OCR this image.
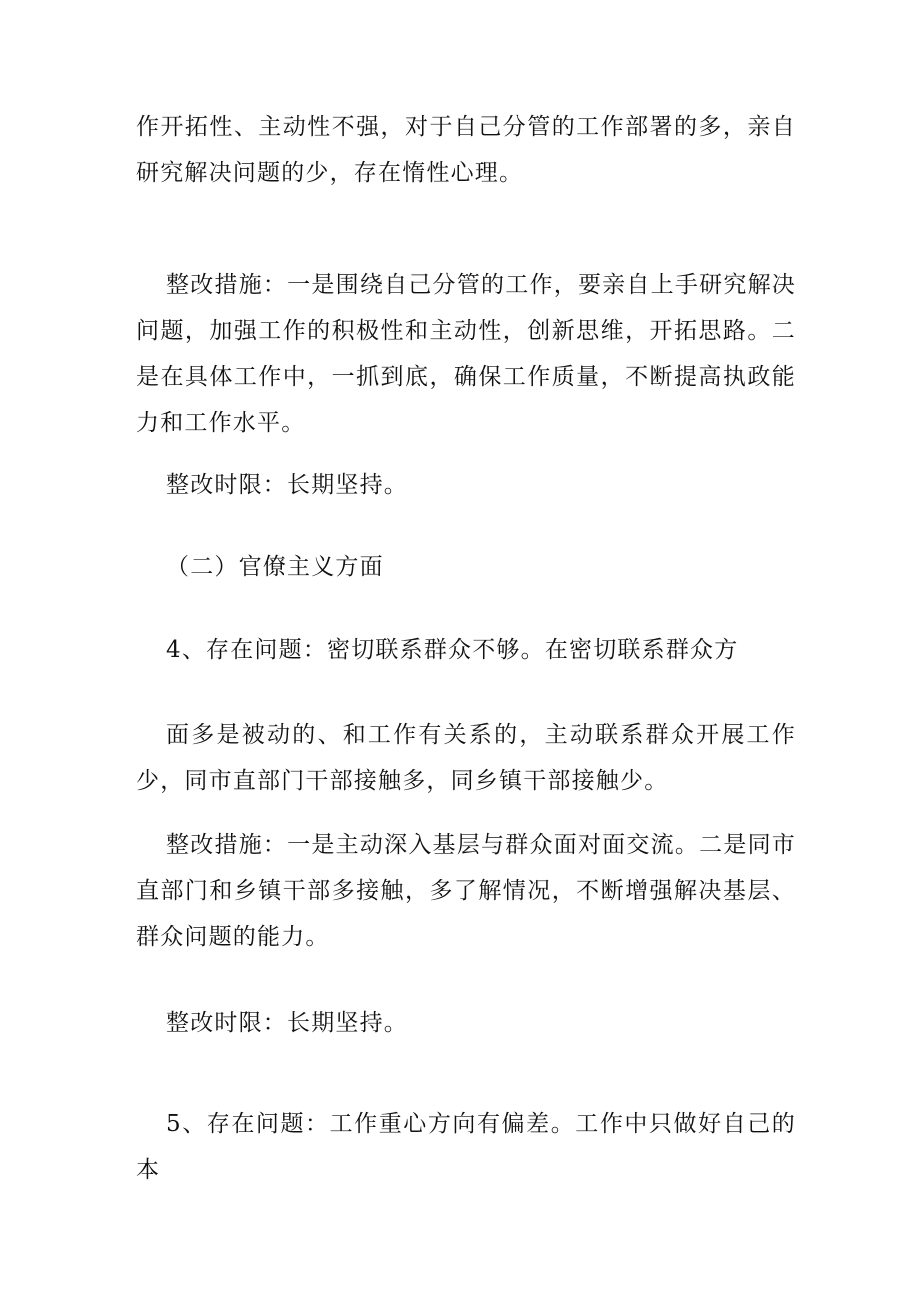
作开拓性、主动性不强，对于自己分管的工作部署的多，亲自研究解决问题的少，存在惰性心理。

整改措施：一是围绕自己分管的工作，要亲自上手研究解决问题，加强工作的积极性和主动性，创新思维，开拓思路。二是在具体工作中，一抓到底，确保工作质量，不断提高执政能力和工作水平。

整改时限：长期坚持。

（二）官僚主义方面

4、存在问题：密切联系群众不够。在密切联系群众方

面多是被动的、和工作有关系的，主动联系群众开展工作少，同市直部门干部接触多，同乡镇干部接触少。

整改措施：一是主动深入基层与群众面对面交流。二是同市直部门和乡镇干部多接触，多了解情况，不断增强解决基层、群众问题的能力。

整改时限：长期坚持。

5、存在问题：工作重心方向有偏差。工作中只做好自己的本
